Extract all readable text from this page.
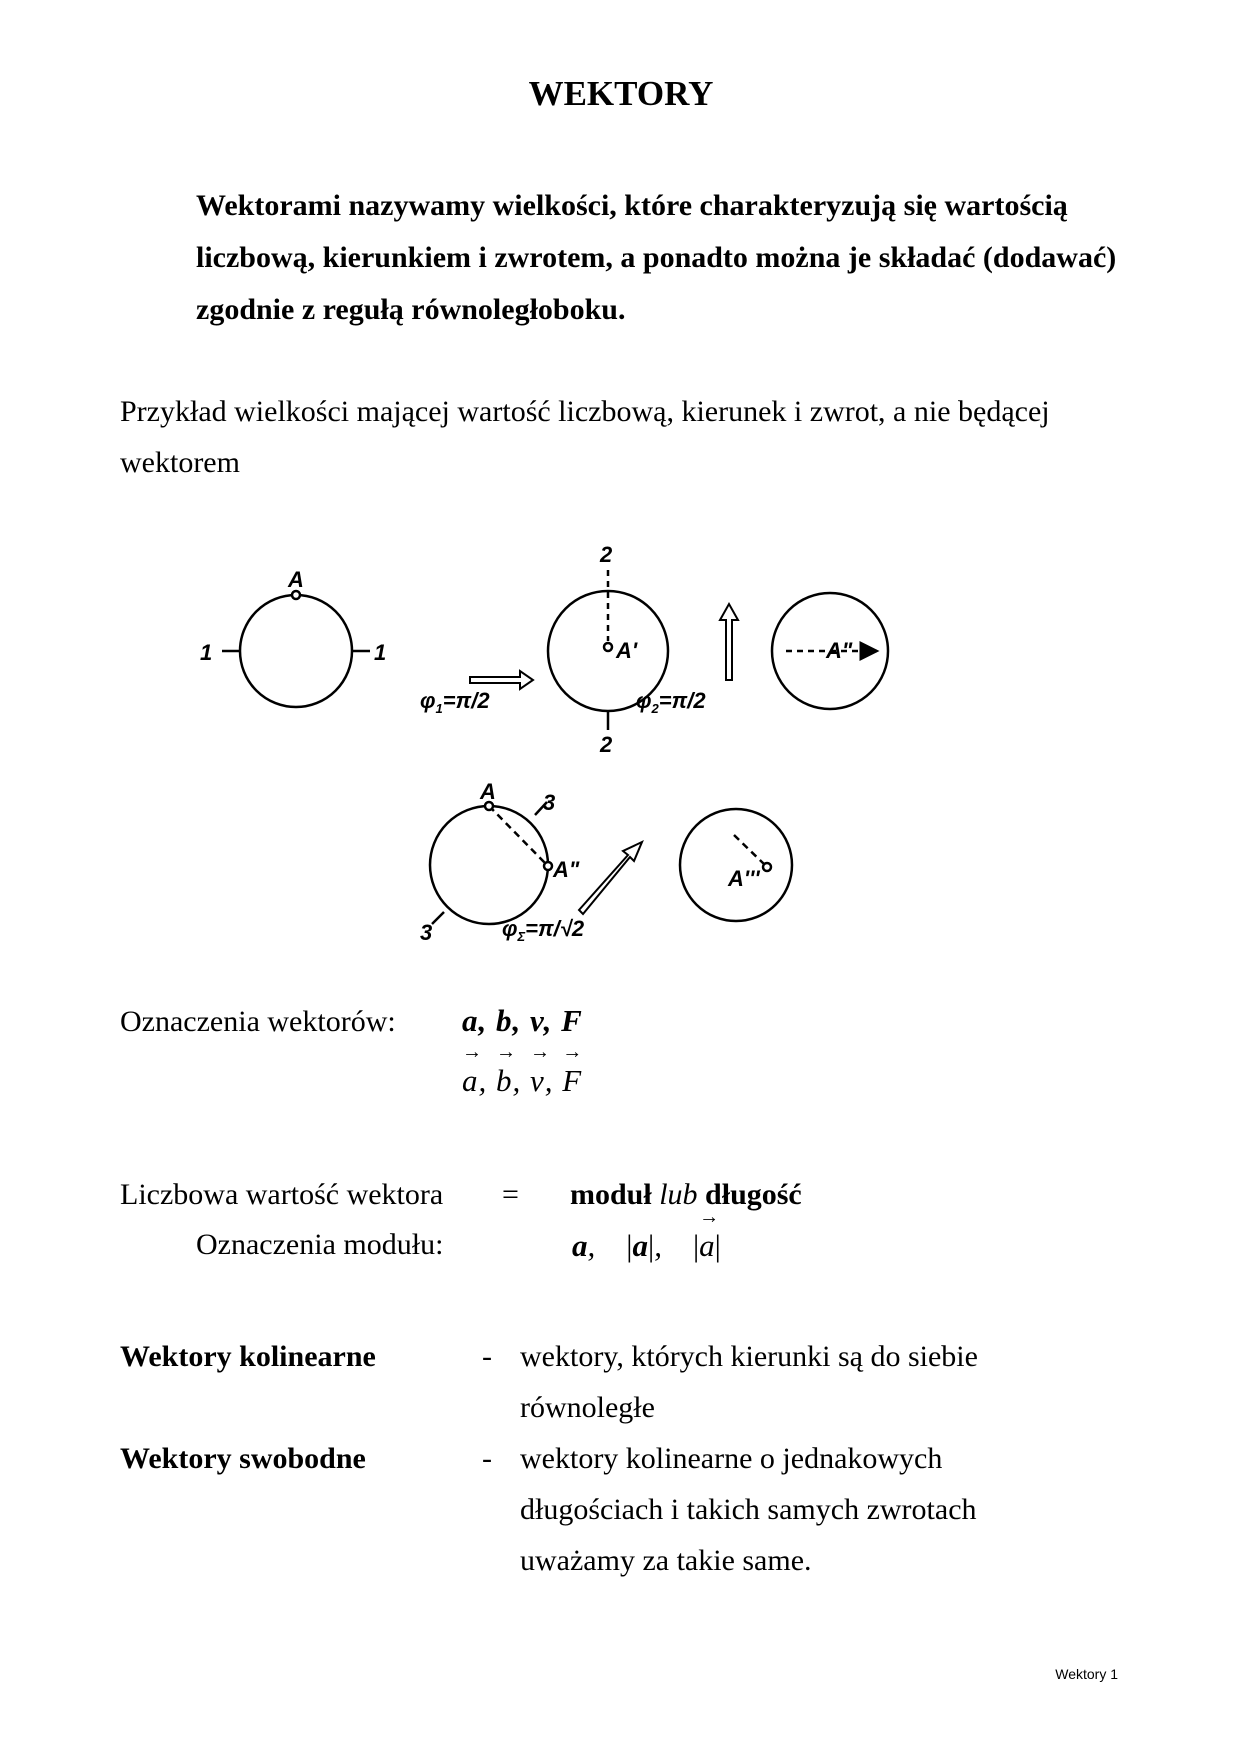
WEKTORY
Wektorami nazywamy wielkości, które charakteryzują się wartością liczbową, kierunkiem i zwrotem, a ponadto można je składać (dodawać) zgodnie z regułą równoległoboku.
Przykład wielkości mającej wartość liczbową, kierunek i zwrot, a nie będącej wektorem
A
1	1
2
2
A'
$\varphi_1=\pi/2$	$\varphi_2=\pi/2$
A"
A 3
3
A"
$\varphi_\Sigma=\pi/√2$
A'''
Oznaczenia wektorów: a, b, v, F
→ a, → b, → v, → F
Liczbowa wartość wektora = moduł lub długość
Oznaczenia modułu:	a, |a|, |→ a|
Wektory kolinearne	- wektory, których kierunki są do siebie
równoległe
Wektory swobodne	- wektory kolinearne o jednakowych
długościach i takich samych zwrotach
uważamy za takie same.
Wektory 1
